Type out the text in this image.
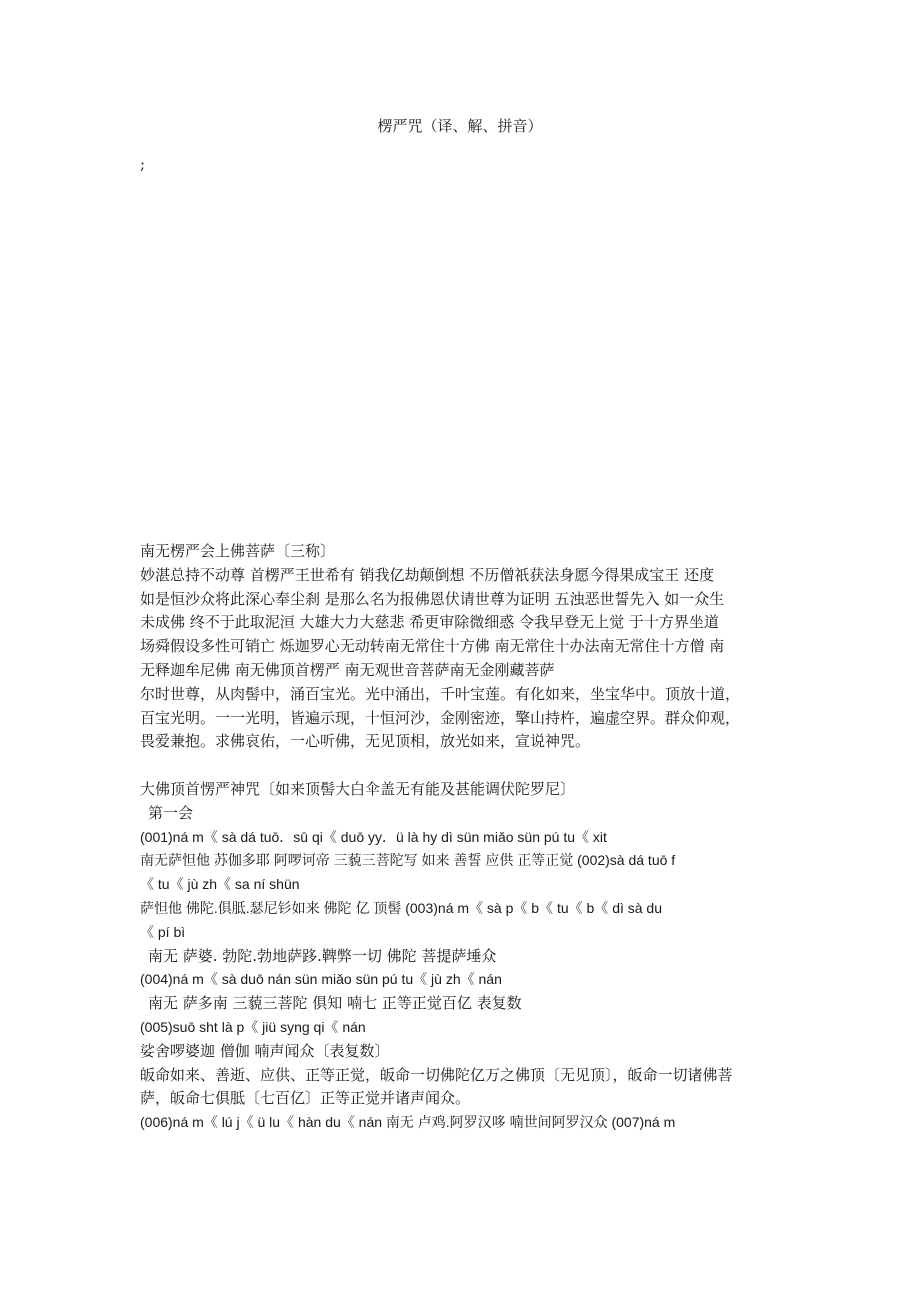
楞严咒（译、解、拼音）
;
南无楞严会上佛菩萨〔三称〕
妙湛总持不动尊 首楞严王世希有 销我亿劫颠倒想 不历僧祇获法身愿今得果成宝王 还度
如是恒沙众将此深心奉尘刹 是那么名为报佛恩伏请世尊为证明 五浊恶世誓先入 如一众生
未成佛 终不于此取泥洹 大雄大力大慈悲 希更审除微细惑 令我早登无上觉 于十方界坐道
场舜假设多性可销亡 烁迦罗心无动转南无常住十方佛 南无常住十办法南无常住十方僧 南
无释迦牟尼佛 南无佛顶首楞严 南无观世音菩萨南无金刚藏菩萨
尔时世尊，从肉髻中，涌百宝光。光中涌出，千叶宝莲。有化如来，坐宝华中。顶放十道，
百宝光明。一一光明，皆遍示现，十恒河沙，金刚密迹，擎山持杵，遍虚空界。群众仰观，
畏爱兼抱。求佛哀佑，一心听佛，无见顶相，放光如来，宣说神咒。
大佛顶首愣严神咒〔如来顶髻大白伞盖无有能及甚能调伏陀罗尼〕
第一会
(001)ná m《 sà dá tuō．sū qi《 duō yy．ü là hy dì sün miǎo sün pú tu《 xit
南无萨怛他 苏伽多耶 阿啰诃帝 三藐三菩陀写 如来 善誓 应供 正等正觉 (002)sà dá tuō f
《 tu《 jù zh《 sa ní shün
萨怛他 佛陀.俱胝.瑟尼钐如来 佛陀 亿 顶髻 (003)ná m《 sà p《 b《 tu《 b《 dì sà du
《 pí bì
南无 萨婆. 勃陀.勃地萨跢.鞞弊一切 佛陀 菩提萨埵众
(004)ná m《 sà duō nán sün miǎo sün pú tu《 jù zh《 nán
南无 萨多南 三藐三菩陀 俱知 喃七 正等正觉百亿 表复数
(005)suō sht là p《 jiü syng qi《 nán
娑舍啰婆迦 僧伽 喃声闻众〔表复数〕
皈命如来、善逝、应供、正等正觉，皈命一切佛陀亿万之佛顶〔无见顶〕，皈命一切诸佛菩
萨，皈命七俱胝〔七百亿〕正等正觉并诸声闻众。
(006)ná m《 lú j《 ü lu《 hàn du《 nán 南无 卢鸡.阿罗汉哆 喃世间阿罗汉众 (007)ná m
